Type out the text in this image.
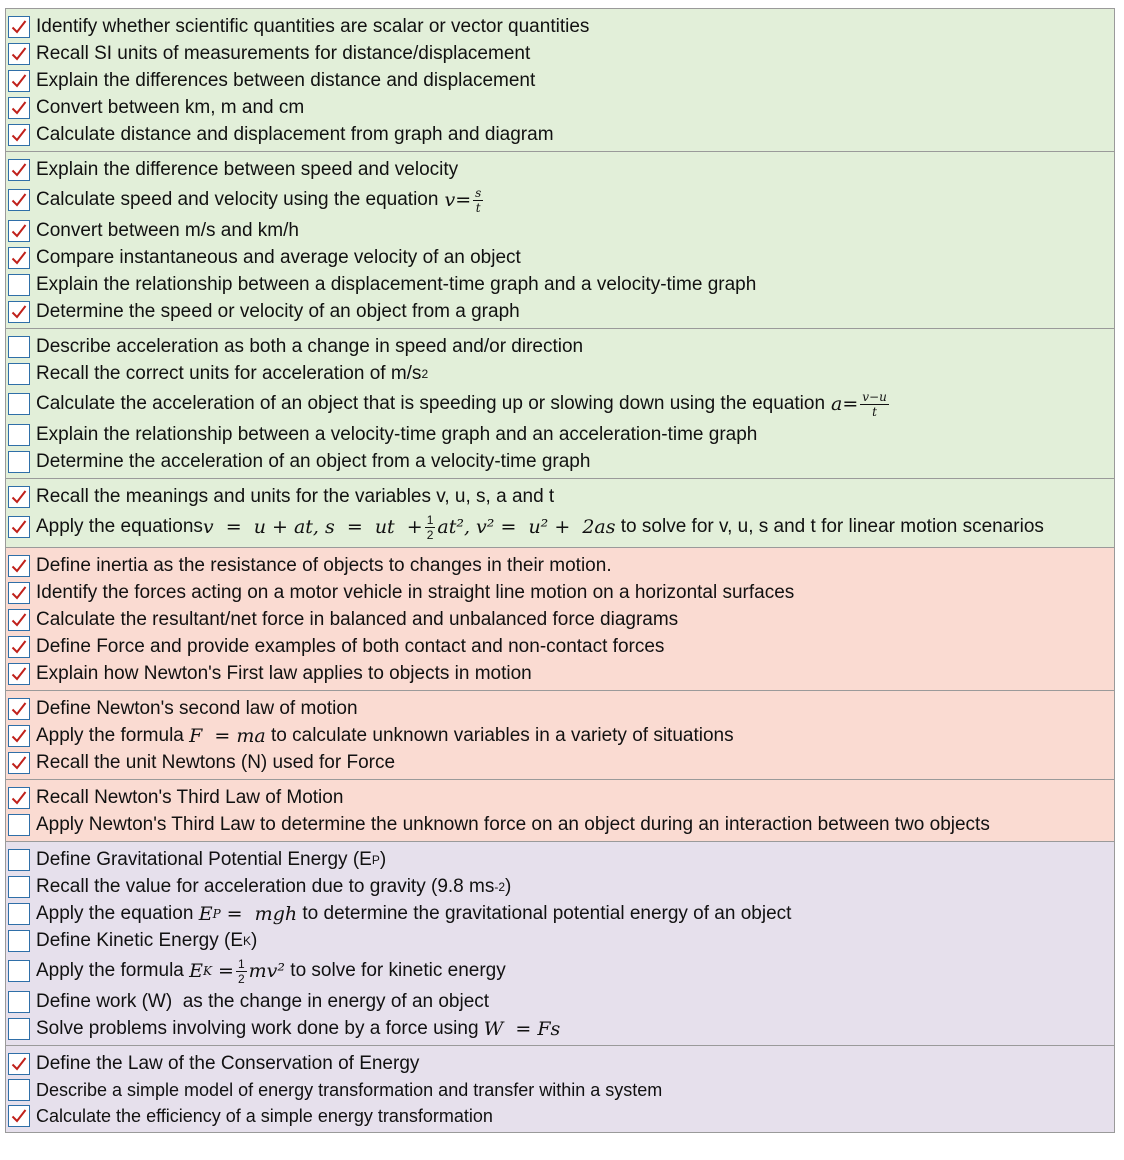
Identify whether scientific quantities are scalar or vector quantities
Recall SI units of measurements for distance/displacement
Explain the differences between distance and displacement
Convert between km, m and cm
Calculate distance and displacement from graph and diagram
Explain the difference between speed and velocity
Calculate speed and velocity using the equation $v = \frac{s}{t}$
Convert between m/s and km/h
Compare instantaneous and average velocity of an object
Explain the relationship between a displacement-time graph and a velocity-time graph
Determine the speed or velocity of an object from a graph
Describe acceleration as both a change in speed and/or direction
Recall the correct units for acceleration of m/s 2
Calculate the acceleration of an object that is speeding up or slowing down using the equation $a = \frac{v-u}{t}$
Explain the relationship between a velocity-time graph and an acceleration-time graph
Determine the acceleration of an object from a velocity-time graph
Recall the meanings and units for the variables v, u, s, a and t
Apply the equations v  =  u + at, s  =  ut  + $\frac{1}{2} at^2$, v² =  u² +  2as to solve for v, u, s and t for linear motion scenarios
Define inertia as the resistance of objects to changes in their motion.
Identify the forces acting on a motor vehicle in straight line motion on a horizontal surfaces
Calculate the resultant/net force in balanced and unbalanced force diagrams
Define Force and provide examples of both contact and non-contact forces
Explain how Newton's First law applies to objects in motion
Define Newton's second law of motion
Apply the formula F  = ma to calculate unknown variables in a variety of situations
Recall the unit Newtons (N) used for Force
Recall Newton's Third Law of Motion
Apply Newton's Third Law to determine the unknown force on an object during an interaction between two objects
Define Gravitational Potential Energy (E P )
Recall the value for acceleration due to gravity (9.8 ms -2 )
Apply the equation E P =  mgh to determine the gravitational potential energy of an object
Define Kinetic Energy (E K )
Apply the formula E $K = \frac{1}{2} mv^2$ to solve for kinetic energy
Define work (W)  as the change in energy of an object
Solve problems involving work done by a force using W  = Fs
Define the Law of the Conservation of Energy
Describe a simple model of energy transformation and transfer within a system
Calculate the efficiency of a simple energy transformation
